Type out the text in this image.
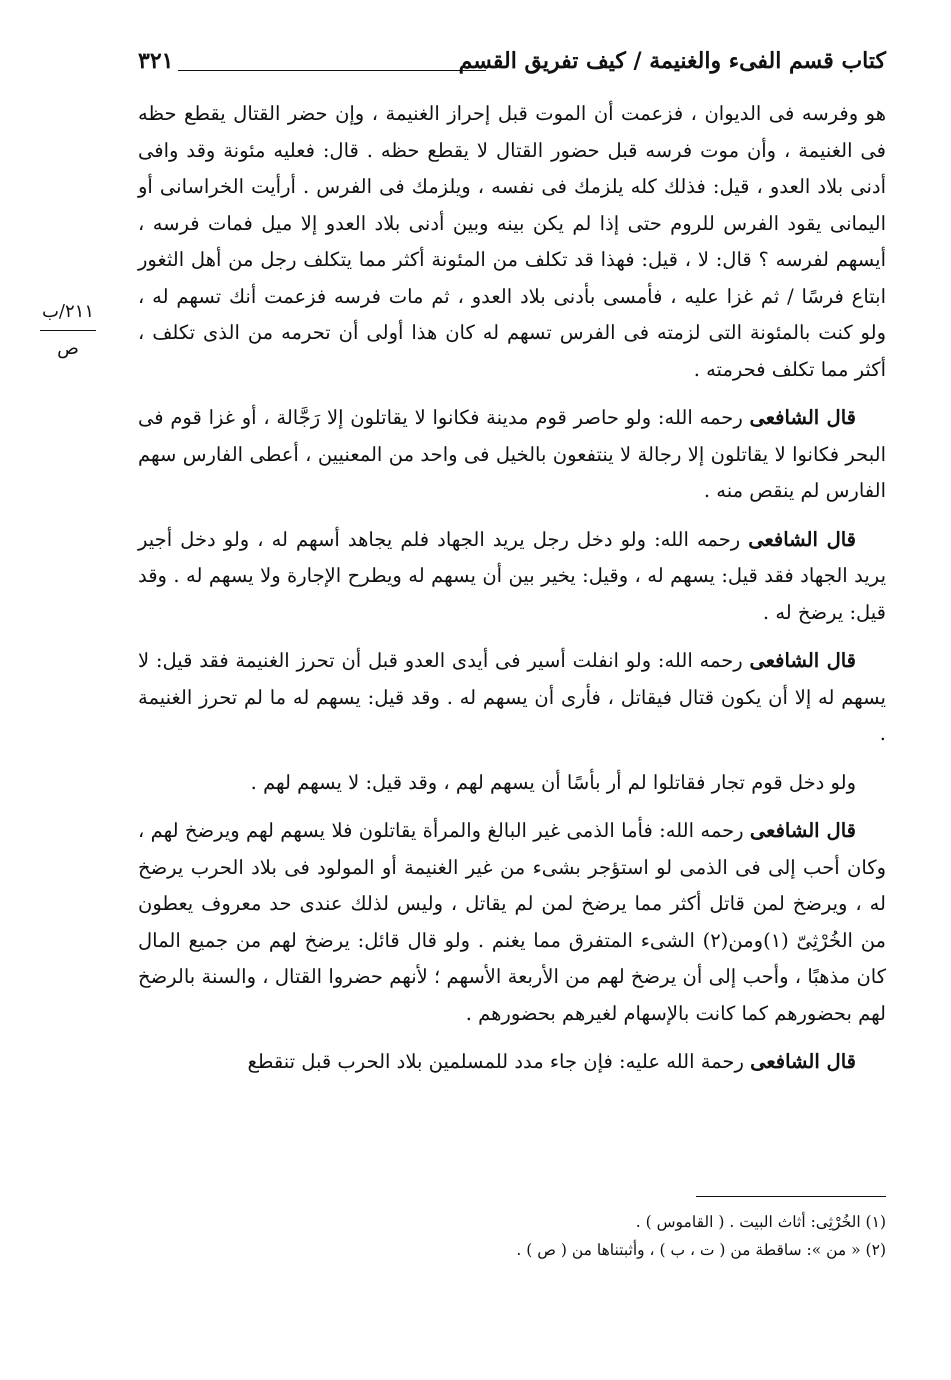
كتاب قسم الفىء والغنيمة / كيف تفريق القسم
٣٢١
٢١١/ب
ص

هو وفرسه فى الديوان ، فزعمت أن الموت قبل إحراز الغنيمة ، وإن حضر القتال يقطع حظه فى الغنيمة ، وأن موت فرسه قبل حضور القتال لا يقطع حظه . قال: فعليه مئونة وقد وافى أدنى بلاد العدو ، قيل: فذلك كله يلزمك فى نفسه ، ويلزمك فى الفرس . أرأيت الخراسانى أو اليمانى يقود الفرس للروم حتى إذا لم يكن بينه وبين أدنى بلاد العدو إلا ميل فمات فرسه ، أيسهم لفرسه ؟ قال: لا ، قيل: فهذا قد تكلف من المئونة أكثر مما يتكلف رجل من أهل الثغور ابتاع فرسًا / ثم غزا عليه ، فأمسى بأدنى بلاد العدو ، ثم مات فرسه فزعمت أنك تسهم له ، ولو كنت بالمئونة التى لزمته فى الفرس تسهم له كان هذا أولى أن تحرمه من الذى تكلف ، أكثر مما تكلف فحرمته .

قال الشافعى رحمه الله: ولو حاصر قوم مدينة فكانوا لا يقاتلون إلا رَجَّالة ، أو غزا قوم فى البحر فكانوا لا يقاتلون إلا رجالة لا ينتفعون بالخيل فى واحد من المعنيين ، أعطى الفارس سهم الفارس لم ينقص منه .

قال الشافعى رحمه الله: ولو دخل رجل يريد الجهاد فلم يجاهد أسهم له ، ولو دخل أجير يريد الجهاد فقد قيل: يسهم له ، وقيل: يخير بين أن يسهم له ويطرح الإجارة ولا يسهم له . وقد قيل: يرضخ له .

قال الشافعى رحمه الله: ولو انفلت أسير فى أيدى العدو قبل أن تحرز الغنيمة فقد قيل: لا يسهم له إلا أن يكون قتال فيقاتل ، فأرى أن يسهم له . وقد قيل: يسهم له ما لم تحرز الغنيمة .

ولو دخل قوم تجار فقاتلوا لم أر بأسًا أن يسهم لهم ، وقد قيل: لا يسهم لهم .

قال الشافعى رحمه الله: فأما الذمى غير البالغ والمرأة يقاتلون فلا يسهم لهم ويرضخ لهم ، وكان أحب إلى فى الذمى لو استؤجر بشىء من غير الغنيمة أو المولود فى بلاد الحرب يرضخ له ، ويرضخ لمن قاتل أكثر مما يرضخ لمن لم يقاتل ، وليس لذلك عندى حد معروف يعطون من الخُرْثِىّ (١)ومن(٢) الشىء المتفرق مما يغنم . ولو قال قائل: يرضخ لهم من جميع المال كان مذهبًا ، وأحب إلى أن يرضخ لهم من الأربعة الأسهم ؛ لأنهم حضروا القتال ، والسنة بالرضخ لهم بحضورهم كما كانت بالإسهام لغيرهم بحضورهم .

قال الشافعى رحمة الله عليه: فإن جاء مدد للمسلمين بلاد الحرب قبل تنقطع

(١) الخُرْثِى: أثاث البيت . ( القاموس ) .

(٢) « من »: ساقطة من ( ت ، ب ) ، وأثبتناها من ( ص ) .
